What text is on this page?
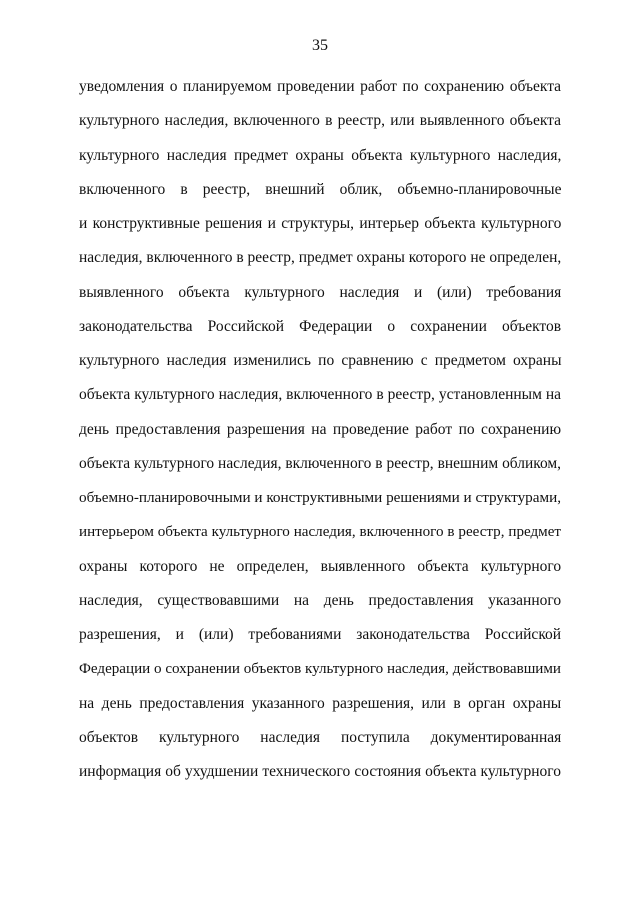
35
уведомления о планируемом проведении работ по сохранению объекта
культурного наследия, включенного в реестр, или выявленного объекта
культурного наследия предмет охраны объекта культурного наследия,
включенного в реестр, внешний облик, объемно-планировочные
и конструктивные решения и структуры, интерьер объекта культурного
наследия, включенного в реестр, предмет охраны которого не определен,
выявленного объекта культурного наследия и (или) требования
законодательства Российской Федерации о сохранении объектов
культурного наследия изменились по сравнению с предметом охраны
объекта культурного наследия, включенного в реестр, установленным на
день предоставления разрешения на проведение работ по сохранению
объекта культурного наследия, включенного в реестр, внешним обликом,
объемно-планировочными и конструктивными решениями и структурами,
интерьером объекта культурного наследия, включенного в реестр, предмет
охраны которого не определен, выявленного объекта культурного
наследия, существовавшими на день предоставления указанного
разрешения, и (или) требованиями законодательства Российской
Федерации о сохранении объектов культурного наследия, действовавшими
на день предоставления указанного разрешения, или в орган охраны
объектов культурного наследия поступила документированная
информация об ухудшении технического состояния объекта культурного
